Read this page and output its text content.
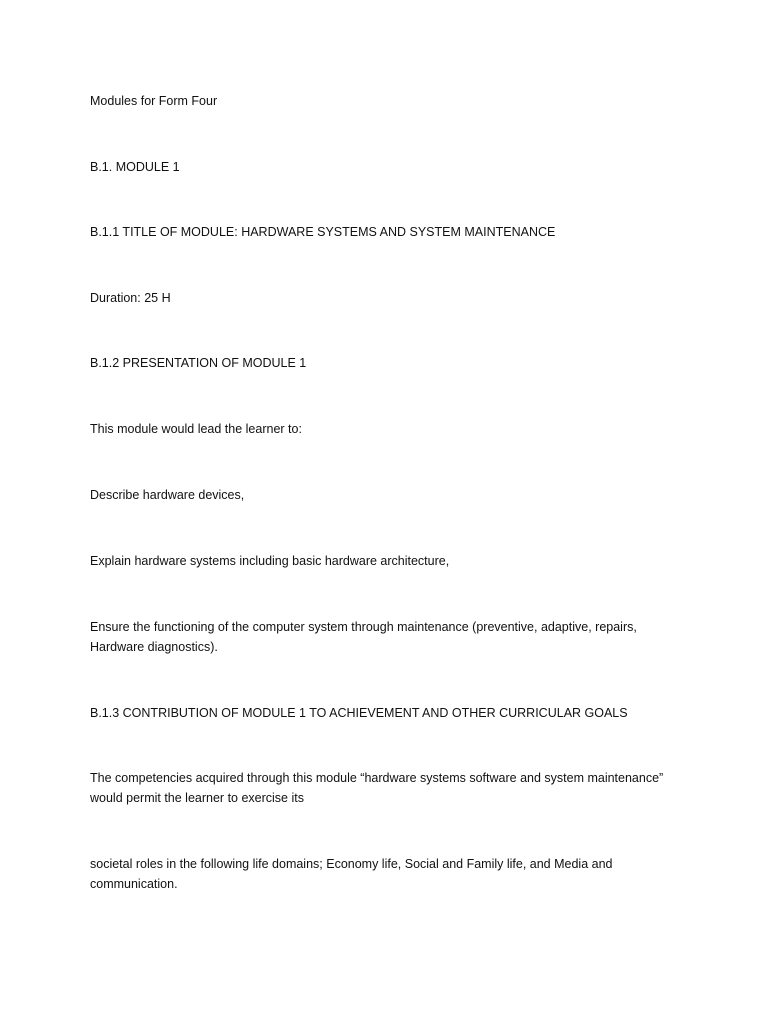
Modules for Form Four

B.1. MODULE 1

B.1.1 TITLE OF MODULE: HARDWARE SYSTEMS AND SYSTEM MAINTENANCE

Duration: 25 H

B.1.2 PRESENTATION OF MODULE 1

This module would lead the learner to:

Describe hardware devices,

Explain hardware systems including basic hardware architecture,

Ensure the functioning of the computer system through maintenance (preventive, adaptive, repairs, Hardware diagnostics).

B.1.3 CONTRIBUTION OF MODULE 1 TO ACHIEVEMENT AND OTHER CURRICULAR GOALS

The competencies acquired through this module “hardware systems software and system maintenance” would permit the learner to exercise its

societal roles in the following life domains; Economy life, Social and Family life, and Media and communication.
